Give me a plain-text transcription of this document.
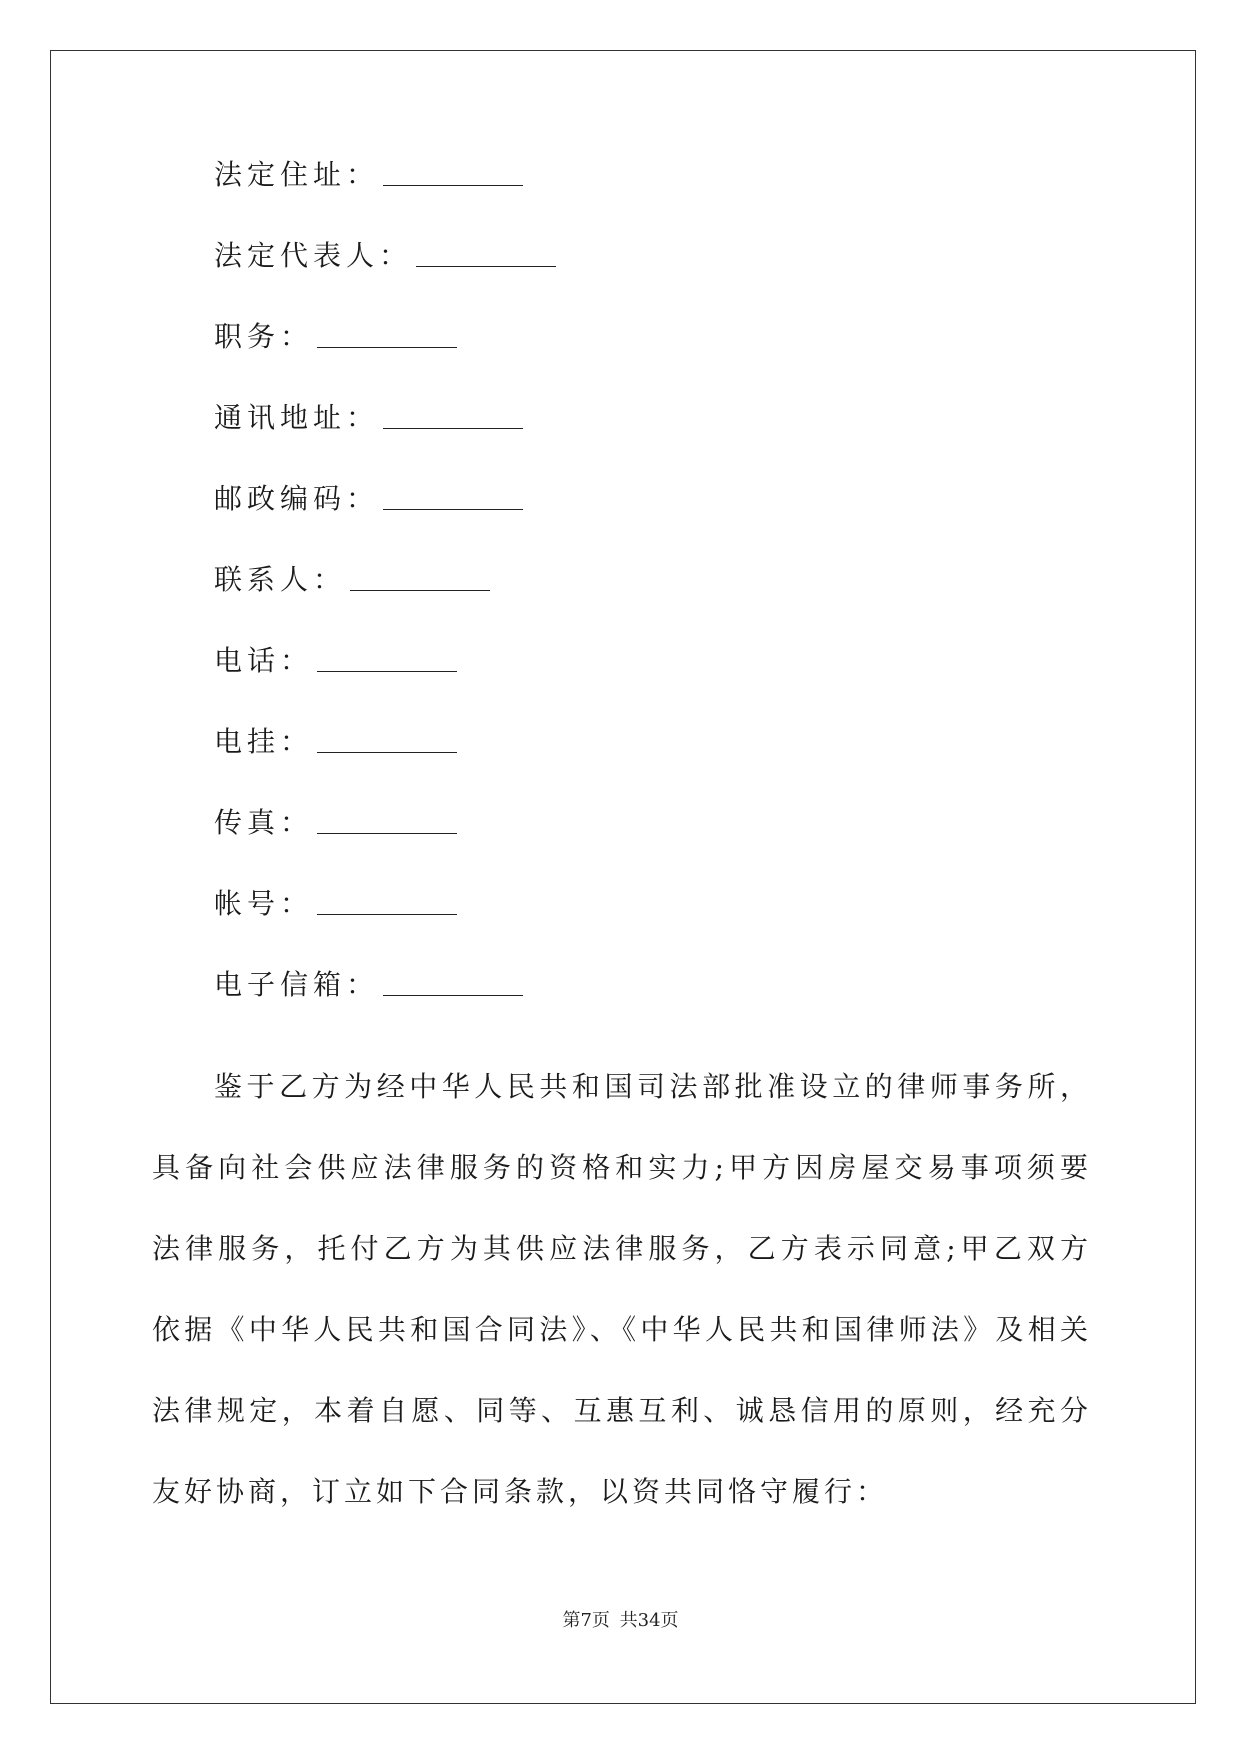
法定住址：
法定代表人：
职务：
通讯地址：
邮政编码：
联系人：
电话：
电挂：
传真：
帐号：
电子信箱：
鉴于乙方为经中华人民共和国司法部批准设立的律师事务所，具备向社会供应法律服务的资格和实力;甲方因房屋交易事项须要法律服务，托付乙方为其供应法律服务，乙方表示同意;甲乙双方依据《中华人民共和国合同法》、《中华人民共和国律师法》及相关法律规定，本着自愿、同等、互惠互利、诚恳信用的原则，经充分友好协商，订立如下合同条款，以资共同恪守履行：
第7页 共34页
